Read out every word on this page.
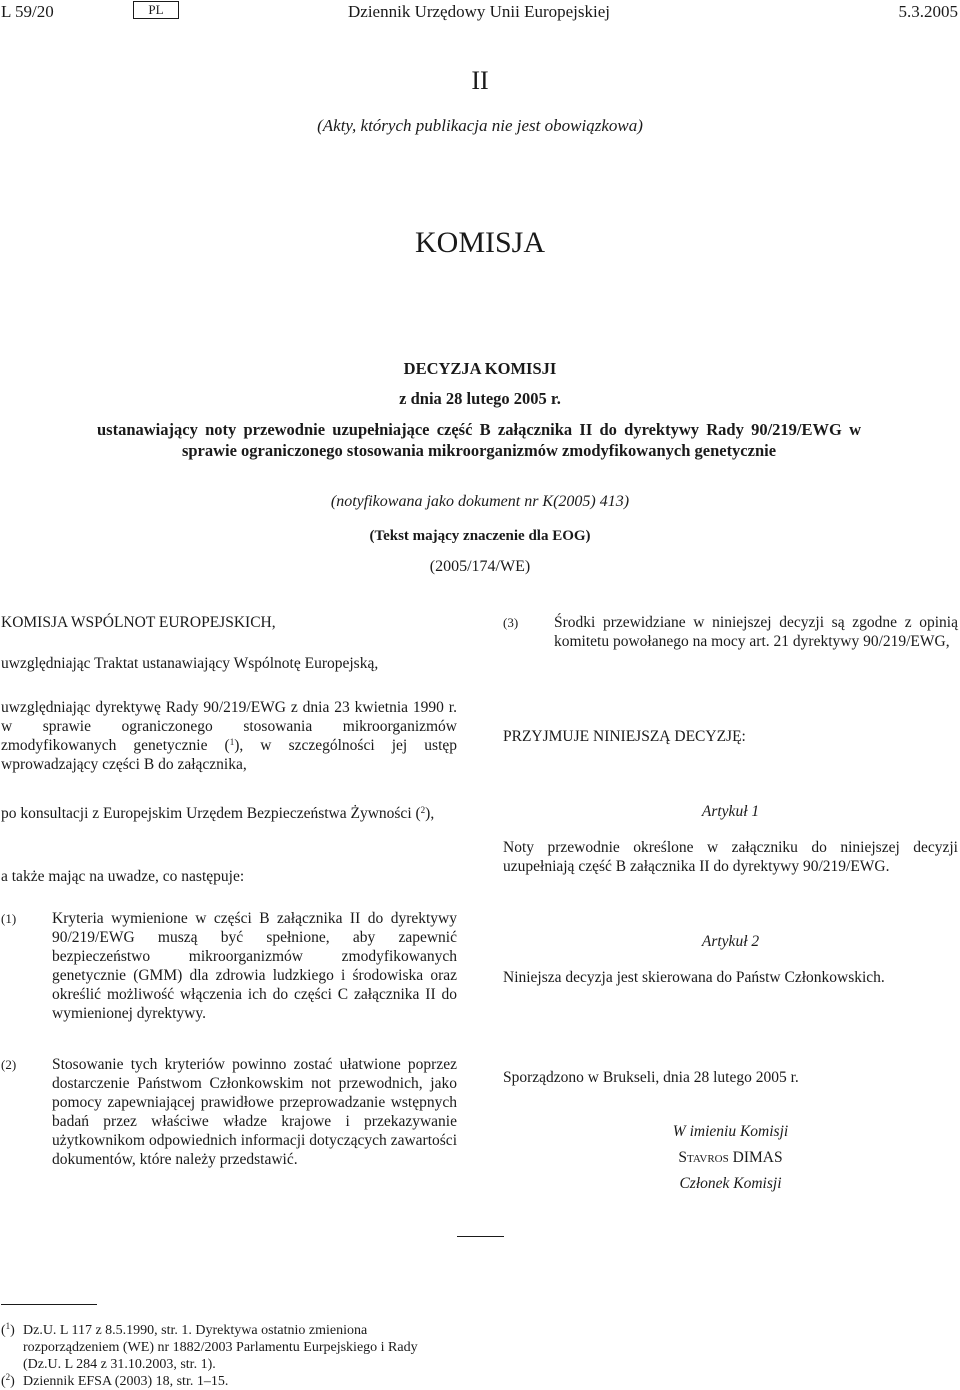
L 59/20	PL	Dziennik Urzędowy Unii Europejskiej	5.3.2005
II
(Akty, których publikacja nie jest obowiązkowa)
KOMISJA
DECYZJA KOMISJI
z dnia 28 lutego 2005 r.
ustanawiający noty przewodnie uzupełniające część B załącznika II do dyrektywy Rady 90/219/EWG w sprawie ograniczonego stosowania mikroorganizmów zmodyfikowanych genetycznie
(notyfikowana jako dokument nr K(2005) 413)
(Tekst mający znaczenie dla EOG)
(2005/174/WE)

KOMISJA WSPÓLNOT EUROPEJSKICH,

uwzględniając Traktat ustanawiający Wspólnotę Europejską,

uwzględniając dyrektywę Rady 90/219/EWG z dnia 23 kwietnia 1990 r. w sprawie ograniczonego stosowania mikroorganizmów zmodyfikowanych genetycznie ($^1$), w szczególności jej ustęp wprowadzający części B do załącznika,

po konsultacji z Europejskim Urzędem Bezpieczeństwa Żywności ($^2$),

a także mając na uwadze, co następuje:

(1) Kryteria wymienione w części B załącznika II do dyrektywy 90/219/EWG muszą być spełnione, aby zapewnić bezpieczeństwo mikroorganizmów zmodyfikowanych genetycznie (GMM) dla zdrowia ludzkiego i środowiska oraz określić możliwość włączenia ich do części C załącznika II do wymienionej dyrektywy.

(2) Stosowanie tych kryteriów powinno zostać ułatwione poprzez dostarczenie Państwom Członkowskim not przewodnich, jako pomocy zapewniającej prawidłowe przeprowadzanie wstępnych badań przez właściwe władze krajowe i przekazywanie użytkownikom odpowiednich informacji dotyczących zawartości dokumentów, które należy przedstawić.

(3) Środki przewidziane w niniejszej decyzji są zgodne z opinią komitetu powołanego na mocy art. 21 dyrektywy 90/219/EWG,

PRZYJMUJE NINIEJSZĄ DECYZJĘ:

Artykuł 1

Noty przewodnie określone w załączniku do niniejszej decyzji uzupełniają część B załącznika II do dyrektywy 90/219/EWG.

Artykuł 2

Niniejsza decyzja jest skierowana do Państw Członkowskich.

Sporządzono w Brukseli, dnia 28 lutego 2005 r.

W imieniu Komisji

Stavros DIMAS

Członek Komisji

($^1$) Dz.U. L 117 z 8.5.1990, str. 1. Dyrektywa ostatnio zmieniona rozporządzeniem (WE) nr 1882/2003 Parlamentu Eurpejskiego i Rady (Dz.U. L 284 z 31.10.2003, str. 1).

($^2$) Dziennik EFSA (2003) 18, str. 1–15.
